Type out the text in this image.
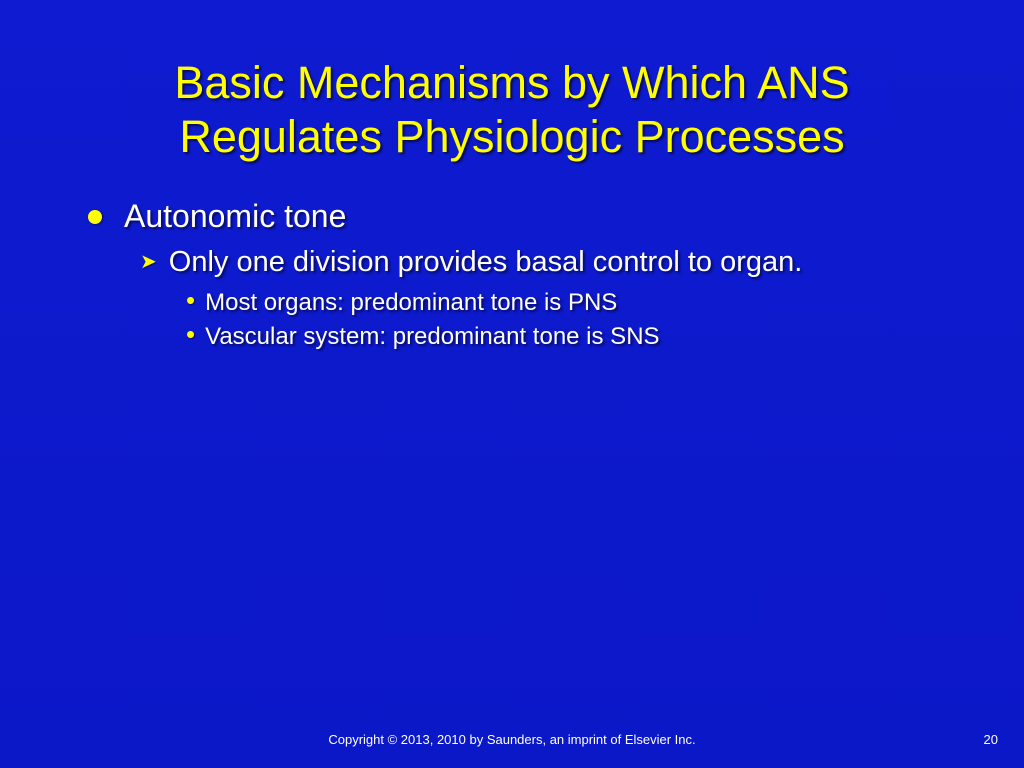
Basic Mechanisms by Which ANS
Regulates Physiologic Processes
Autonomic tone
➤ Only one division provides basal control to organ.
• Most organs: predominant tone is PNS
• Vascular system: predominant tone is SNS
Copyright © 2013, 2010 by Saunders, an imprint of Elsevier Inc.	20
